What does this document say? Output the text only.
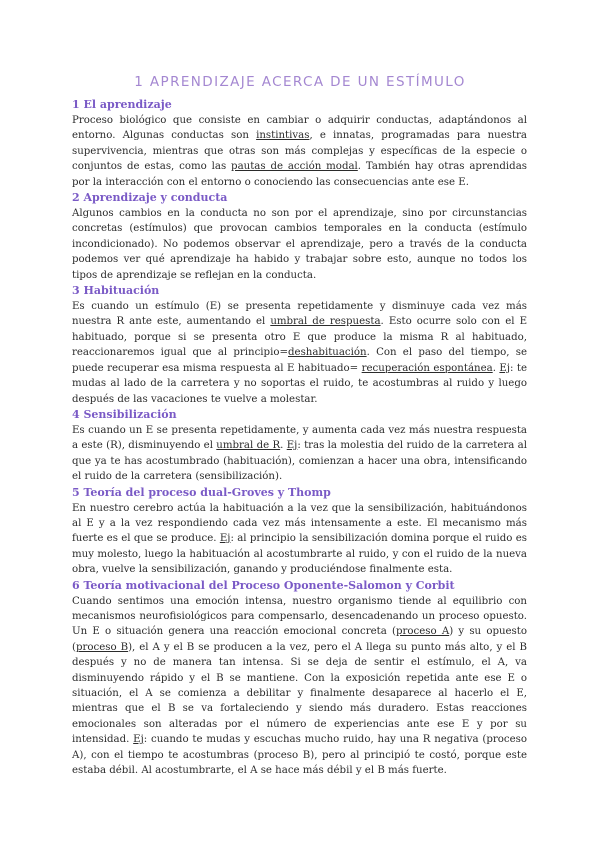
1 APRENDIZAJE ACERCA DE UN ESTÍMULO
1 El aprendizaje

Proceso biológico que consiste en cambiar o adquirir conductas, adaptándonos al entorno. Algunas conductas son instintivas, e innatas, programadas para nuestra supervivencia, mientras que otras son más complejas y específicas de la especie o conjuntos de estas, como las pautas de acción modal. También hay otras aprendidas por la interacción con el entorno o conociendo las consecuencias ante ese E.

2 Aprendizaje y conducta

Algunos cambios en la conducta no son por el aprendizaje, sino por circunstancias concretas (estímulos) que provocan cambios temporales en la conducta (estímulo incondicionado). No podemos observar el aprendizaje, pero a través de la conducta podemos ver qué aprendizaje ha habido y trabajar sobre esto, aunque no todos los tipos de aprendizaje se reflejan en la conducta.

3 Habituación

Es cuando un estímulo (E) se presenta repetidamente y disminuye cada vez más nuestra R ante este, aumentando el umbral de respuesta. Esto ocurre solo con el E habituado, porque si se presenta otro E que produce la misma R al habituado, reaccionaremos igual que al principio=deshabituación. Con el paso del tiempo, se puede recuperar esa misma respuesta al E habituado= recuperación espontánea. Ej: te mudas al lado de la carretera y no soportas el ruido, te acostumbras al ruido y luego después de las vacaciones te vuelve a molestar.

4 Sensibilización

Es cuando un E se presenta repetidamente, y aumenta cada vez más nuestra respuesta a este (R), disminuyendo el umbral de R. Ej: tras la molestia del ruido de la carretera al que ya te has acostumbrado (habituación), comienzan a hacer una obra, intensificando el ruido de la carretera (sensibilización).

5 Teoría del proceso dual-Groves y Thomp

En nuestro cerebro actúa la habituación a la vez que la sensibilización, habituándonos al E y a la vez respondiendo cada vez más intensamente a este. El mecanismo más fuerte es el que se produce. Ej: al principio la sensibilización domina porque el ruido es muy molesto, luego la habituación al acostumbrarte al ruido, y con el ruido de la nueva obra, vuelve la sensibilización, ganando y produciéndose finalmente esta.

6 Teoría motivacional del Proceso Oponente-Salomon y Corbit

Cuando sentimos una emoción intensa, nuestro organismo tiende al equilibrio con mecanismos neurofisiológicos para compensarlo, desencadenando un proceso opuesto. Un E o situación genera una reacción emocional concreta (proceso A) y su opuesto (proceso B), el A y el B se producen a la vez, pero el A llega su punto más alto, y el B después y no de manera tan intensa. Si se deja de sentir el estímulo, el A, va disminuyendo rápido y el B se mantiene. Con la exposición repetida ante ese E o situación, el A se comienza a debilitar y finalmente desaparece al hacerlo el E, mientras que el B se va fortaleciendo y siendo más duradero. Estas reacciones emocionales son alteradas por el número de experiencias ante ese E y por su intensidad. Ej: cuando te mudas y escuchas mucho ruido, hay una R negativa (proceso A), con el tiempo te acostumbras (proceso B), pero al principió te costó, porque este estaba débil. Al acostumbrarte, el A se hace más débil y el B más fuerte.
